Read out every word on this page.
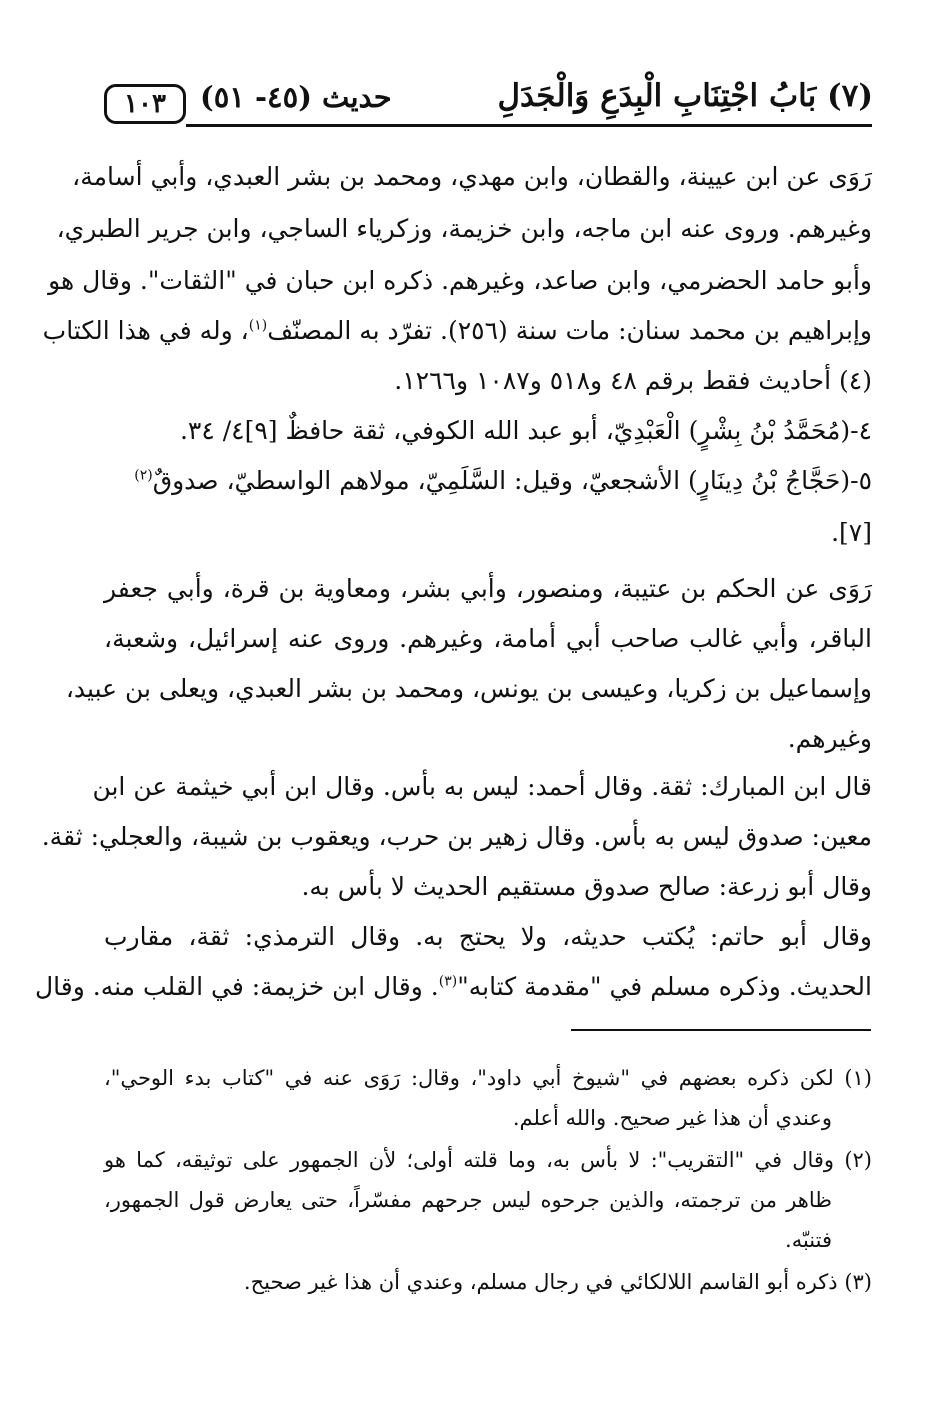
(٧) بَابُ اجْتِنَابِ الْبِدَعِ وَالْجَدَلِ
حديث (٤٥- ٥١)
١٠٣
رَوَى عن ابن عيينة، والقطان، وابن مهدي، ومحمد بن بشر العبدي، وأبي أسامة،
وغيرهم. وروى عنه ابن ماجه، وابن خزيمة، وزكرياء الساجي، وابن جرير الطبري،
وأبو حامد الحضرمي، وابن صاعد، وغيرهم. ذكره ابن حبان في "الثقات". وقال هو
وإبراهيم بن محمد سنان: مات سنة (٢٥٦). تفرّد به المصنّف$^{(١)}$، وله في هذا الكتاب
(٤) أحاديث فقط برقم ٤٨ و٥١٨ و١٠٨٧ و١٢٦٦.
٤-(مُحَمَّدُ بْنُ بِشْرٍ) الْعَبْدِيّ، أبو عبد الله الكوفي، ثقة حافظٌ [٩]٤/ ٣٤.
٥-(حَجَّاجُ بْنُ دِينَارٍ) الأشجعيّ، وقيل: السَّلَمِيّ، مولاهم الواسطيّ، صدوقٌ$^{(٢)}$
[٧].
رَوَى عن الحكم بن عتيبة، ومنصور، وأبي بشر، ومعاوية بن قرة، وأبي جعفر
الباقر، وأبي غالب صاحب أبي أمامة، وغيرهم. وروى عنه إسرائيل، وشعبة،
وإسماعيل بن زكريا، وعيسى بن يونس، ومحمد بن بشر العبدي، ويعلى بن عبيد،
وغيرهم.
قال ابن المبارك: ثقة. وقال أحمد: ليس به بأس. وقال ابن أبي خيثمة عن ابن
معين: صدوق ليس به بأس. وقال زهير بن حرب، ويعقوب بن شيبة، والعجلي: ثقة.
وقال أبو زرعة: صالح صدوق مستقيم الحديث لا بأس به.
وقال أبو حاتم: يُكتب حديثه، ولا يحتج به. وقال الترمذي: ثقة، مقارب
الحديث. وذكره مسلم في "مقدمة كتابه"$^{(٣)}$. وقال ابن خزيمة: في القلب منه. وقال
(١) لكن ذكره بعضهم في "شيوخ أبي داود"، وقال: رَوَى عنه في "كتاب بدء الوحي"،
وعندي أن هذا غير صحيح. والله أعلم.
(٢) وقال في "التقريب": لا بأس به، وما قلته أولى؛ لأن الجمهور على توثيقه، كما هو
ظاهر من ترجمته، والذين جرحوه ليس جرحهم مفسّراً، حتى يعارض قول الجمهور،
فتنبّه.
(٣) ذكره أبو القاسم اللالكائي في رجال مسلم، وعندي أن هذا غير صحيح.
